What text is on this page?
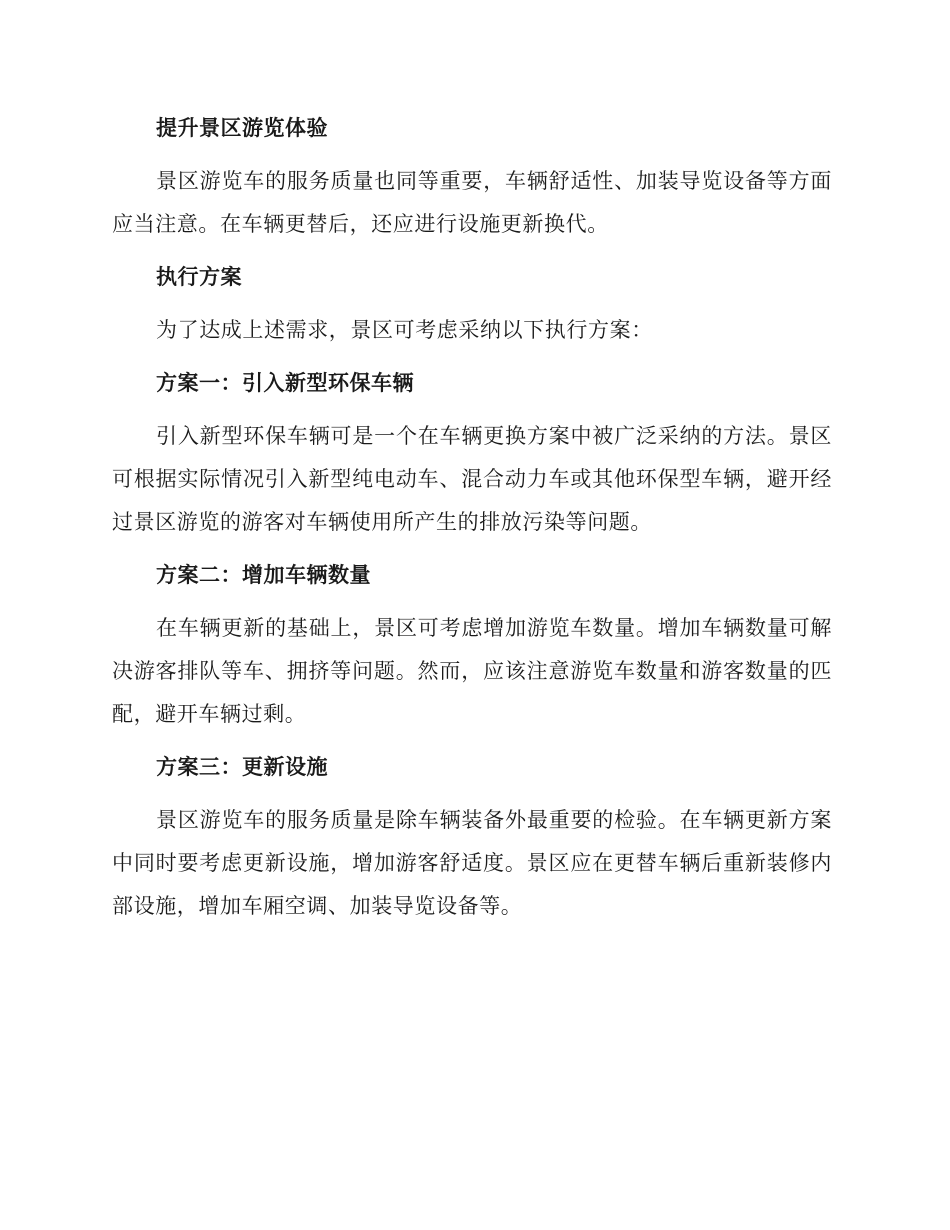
提升景区游览体验

景区游览车的服务质量也同等重要，车辆舒适性、加装导览设备等方面应当注意。在车辆更替后，还应进行设施更新换代。

执行方案

为了达成上述需求，景区可考虑采纳以下执行方案：

方案一：引入新型环保车辆

引入新型环保车辆可是一个在车辆更换方案中被广泛采纳的方法。景区可根据实际情况引入新型纯电动车、混合动力车或其他环保型车辆，避开经过景区游览的游客对车辆使用所产生的排放污染等问题。

方案二：增加车辆数量

在车辆更新的基础上，景区可考虑增加游览车数量。增加车辆数量可解决游客排队等车、拥挤等问题。然而，应该注意游览车数量和游客数量的匹配，避开车辆过剩。

方案三：更新设施

景区游览车的服务质量是除车辆装备外最重要的检验。在车辆更新方案中同时要考虑更新设施，增加游客舒适度。景区应在更替车辆后重新装修内部设施，增加车厢空调、加装导览设备等。
